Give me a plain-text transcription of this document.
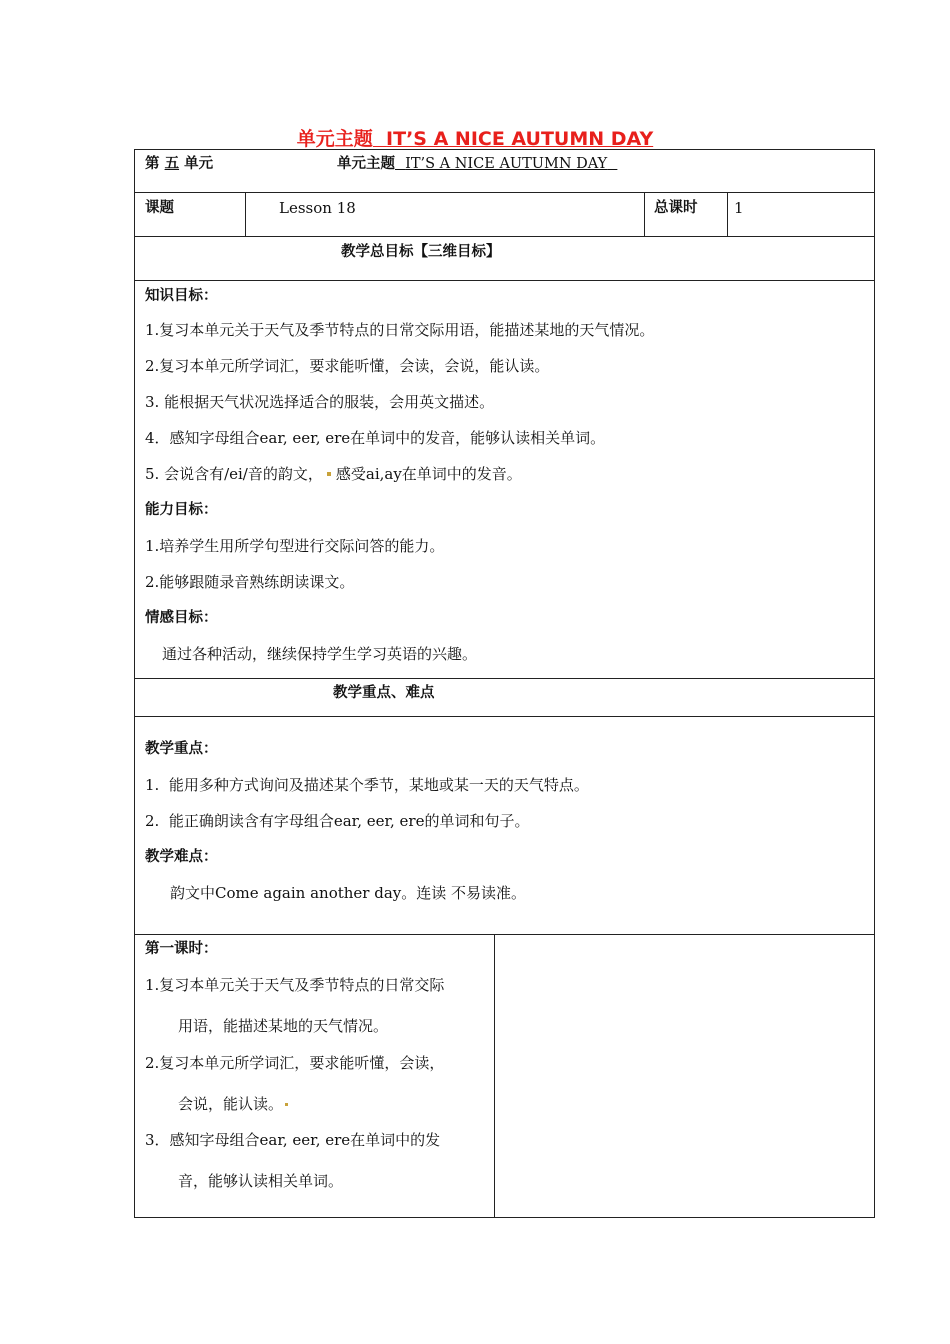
单元主题 IT’S A NICE AUTUMN DAY
第 五 单元	单元主题 IT’S A NICE AUTUMN DAY
课题	Lesson 18	总课时 1
教学总目标【三维目标】
知识目标：
1.复习本单元关于天气及季节特点的日常交际用语，能描述某地的天气情况。
2.复习本单元所学词汇，要求能听懂，会读，会说，能认读。
3. 能根据天气状况选择适合的服装，会用英文描述。
4．感知字母组合ear, eer, ere在单词中的发音，能够认读相关单词。
5. 会说含有/ei/音的韵文， 感受ai,ay在单词中的发音。
能力目标：
1.培养学生用所学句型进行交际问答的能力。
2.能够跟随录音熟练朗读课文。
情感目标：
通过各种活动，继续保持学生学习英语的兴趣。
教学重点、难点
教学重点：
1.  能用多种方式询问及描述某个季节，某地或某一天的天气特点。
2.  能正确朗读含有字母组合ear, eer, ere的单词和句子。
教学难点：
韵文中Come again another day。连读 不易读准。
第一课时：
1.复习本单元关于天气及季节特点的日常交际
用语，能描述某地的天气情况。
2.复习本单元所学词汇，要求能听懂，会读，
会说，能认读。
3．感知字母组合ear, eer, ere在单词中的发
音，能够认读相关单词。
